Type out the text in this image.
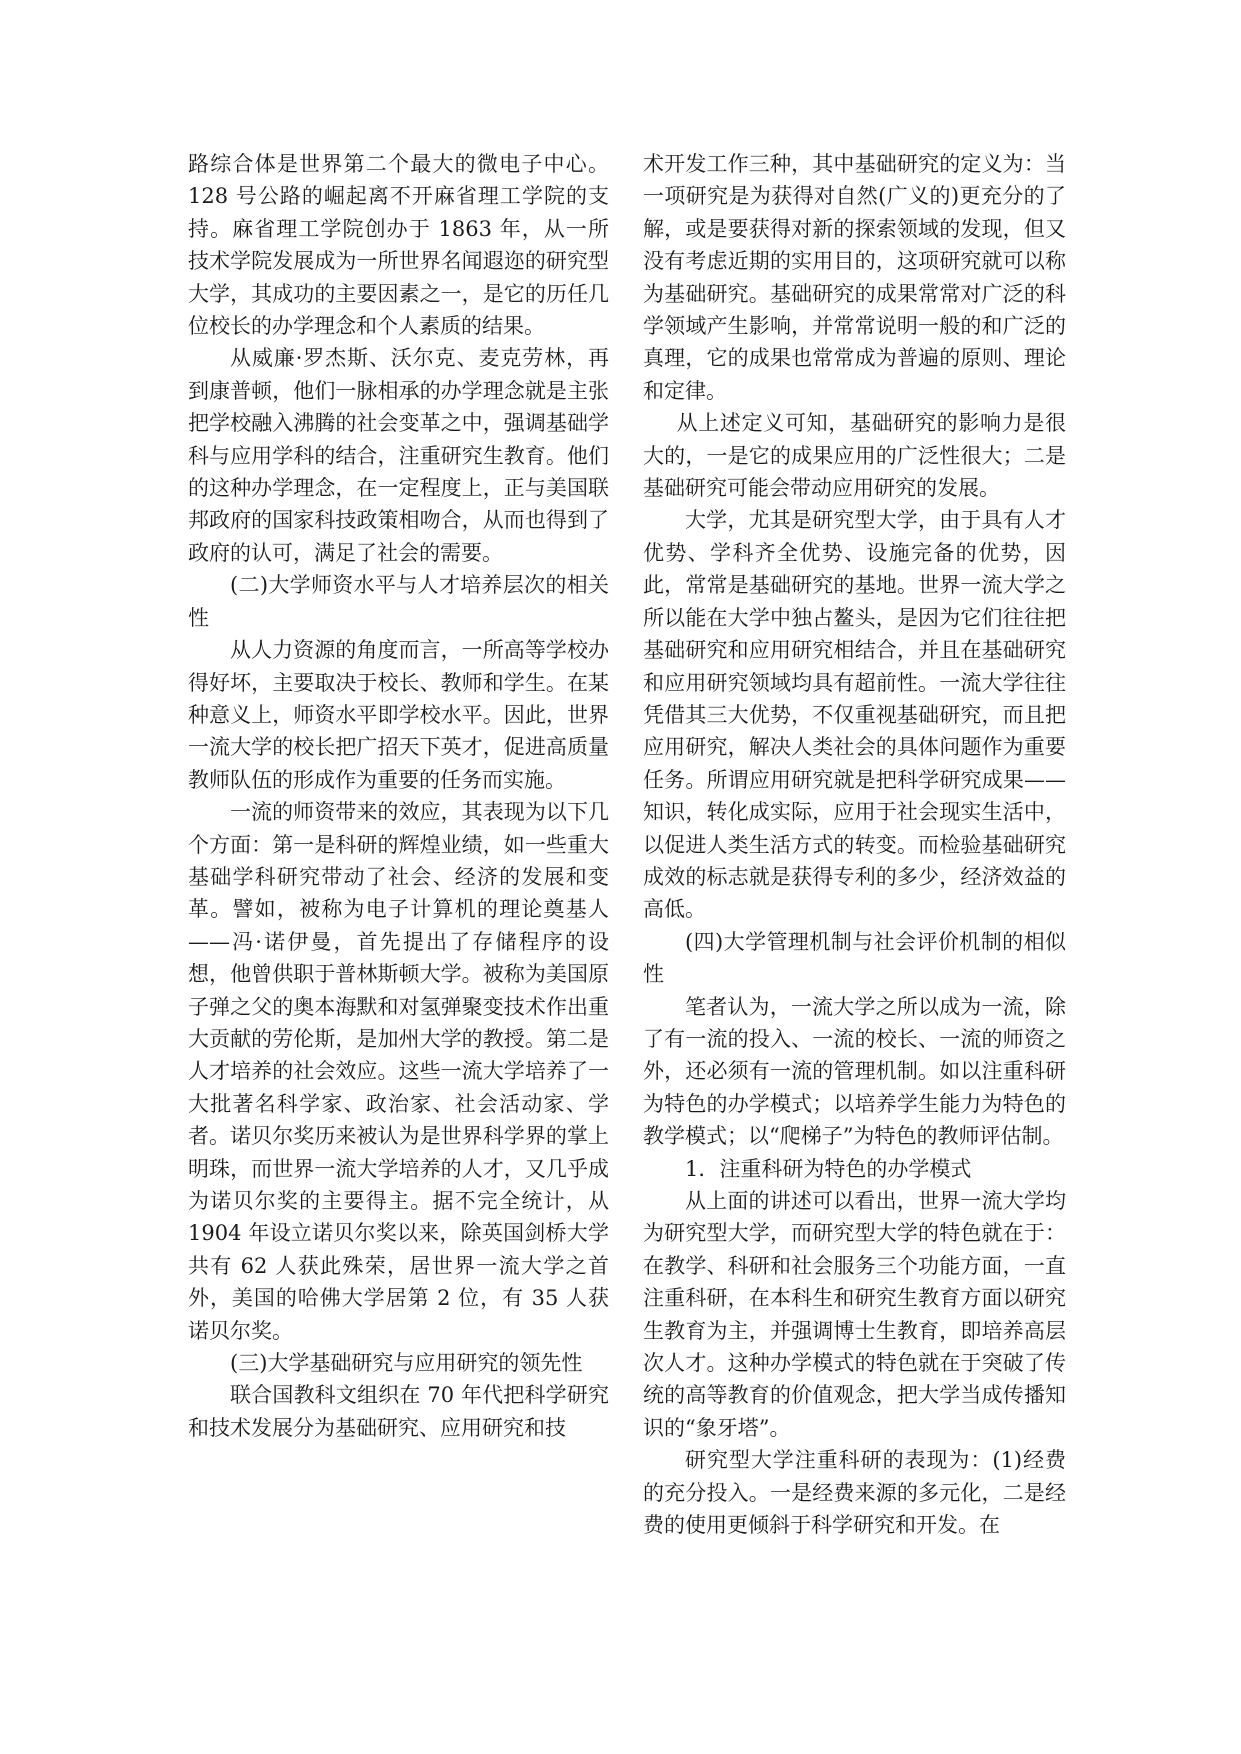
路综合体是世界第二个最大的微电子中心。128 号公路的崛起离不开麻省理工学院的支持。麻省理工学院创办于 1863 年，从一所技术学院发展成为一所世界名闻遐迩的研究型大学，其成功的主要因素之一，是它的历任几位校长的办学理念和个人素质的结果。

从威廉·罗杰斯、沃尔克、麦克劳林，再到康普顿，他们一脉相承的办学理念就是主张把学校融入沸腾的社会变革之中，强调基础学科与应用学科的结合，注重研究生教育。他们的这种办学理念，在一定程度上，正与美国联邦政府的国家科技政策相吻合，从而也得到了政府的认可，满足了社会的需要。

(二)大学师资水平与人才培养层次的相关性

从人力资源的角度而言，一所高等学校办得好坏，主要取决于校长、教师和学生。在某种意义上，师资水平即学校水平。因此，世界一流大学的校长把广招天下英才，促进高质量教师队伍的形成作为重要的任务而实施。

一流的师资带来的效应，其表现为以下几个方面：第一是科研的辉煌业绩，如一些重大基础学科研究带动了社会、经济的发展和变革。譬如，被称为电子计算机的理论奠基人——冯·诺伊曼，首先提出了存储程序的设想，他曾供职于普林斯顿大学。被称为美国原子弹之父的奥本海默和对氢弹聚变技术作出重大贡献的劳伦斯，是加州大学的教授。第二是人才培养的社会效应。这些一流大学培养了一大批著名科学家、政治家、社会活动家、学者。诺贝尔奖历来被认为是世界科学界的掌上明珠，而世界一流大学培养的人才，又几乎成为诺贝尔奖的主要得主。据不完全统计，从 1904 年设立诺贝尔奖以来，除英国剑桥大学共有 62 人获此殊荣，居世界一流大学之首外，美国的哈佛大学居第 2 位，有 35 人获诺贝尔奖。

(三)大学基础研究与应用研究的领先性

联合国教科文组织在 70 年代把科学研究和技术发展分为基础研究、应用研究和技

术开发工作三种，其中基础研究的定义为：当一项研究是为获得对自然(广义的)更充分的了解，或是要获得对新的探索领域的发现，但又没有考虑近期的实用目的，这项研究就可以称为基础研究。基础研究的成果常常对广泛的科学领域产生影响，并常常说明一般的和广泛的真理，它的成果也常常成为普遍的原则、理论和定律。

从上述定义可知，基础研究的影响力是很大的，一是它的成果应用的广泛性很大；二是基础研究可能会带动应用研究的发展。

大学，尤其是研究型大学，由于具有人才优势、学科齐全优势、设施完备的优势，因此，常常是基础研究的基地。世界一流大学之所以能在大学中独占鳌头，是因为它们往往把基础研究和应用研究相结合，并且在基础研究和应用研究领域均具有超前性。一流大学往往凭借其三大优势，不仅重视基础研究，而且把应用研究，解决人类社会的具体问题作为重要任务。所谓应用研究就是把科学研究成果——知识，转化成实际，应用于社会现实生活中，以促进人类生活方式的转变。而检验基础研究成效的标志就是获得专利的多少，经济效益的高低。

(四)大学管理机制与社会评价机制的相似性

笔者认为，一流大学之所以成为一流，除了有一流的投入、一流的校长、一流的师资之外，还必须有一流的管理机制。如以注重科研为特色的办学模式；以培养学生能力为特色的教学模式；以“爬梯子”为特色的教师评估制。

1．注重科研为特色的办学模式

从上面的讲述可以看出，世界一流大学均为研究型大学，而研究型大学的特色就在于：在教学、科研和社会服务三个功能方面，一直注重科研，在本科生和研究生教育方面以研究生教育为主，并强调博士生教育，即培养高层次人才。这种办学模式的特色就在于突破了传统的高等教育的价值观念，把大学当成传播知识的“象牙塔”。

研究型大学注重科研的表现为：(1)经费的充分投入。一是经费来源的多元化，二是经费的使用更倾斜于科学研究和开发。在
